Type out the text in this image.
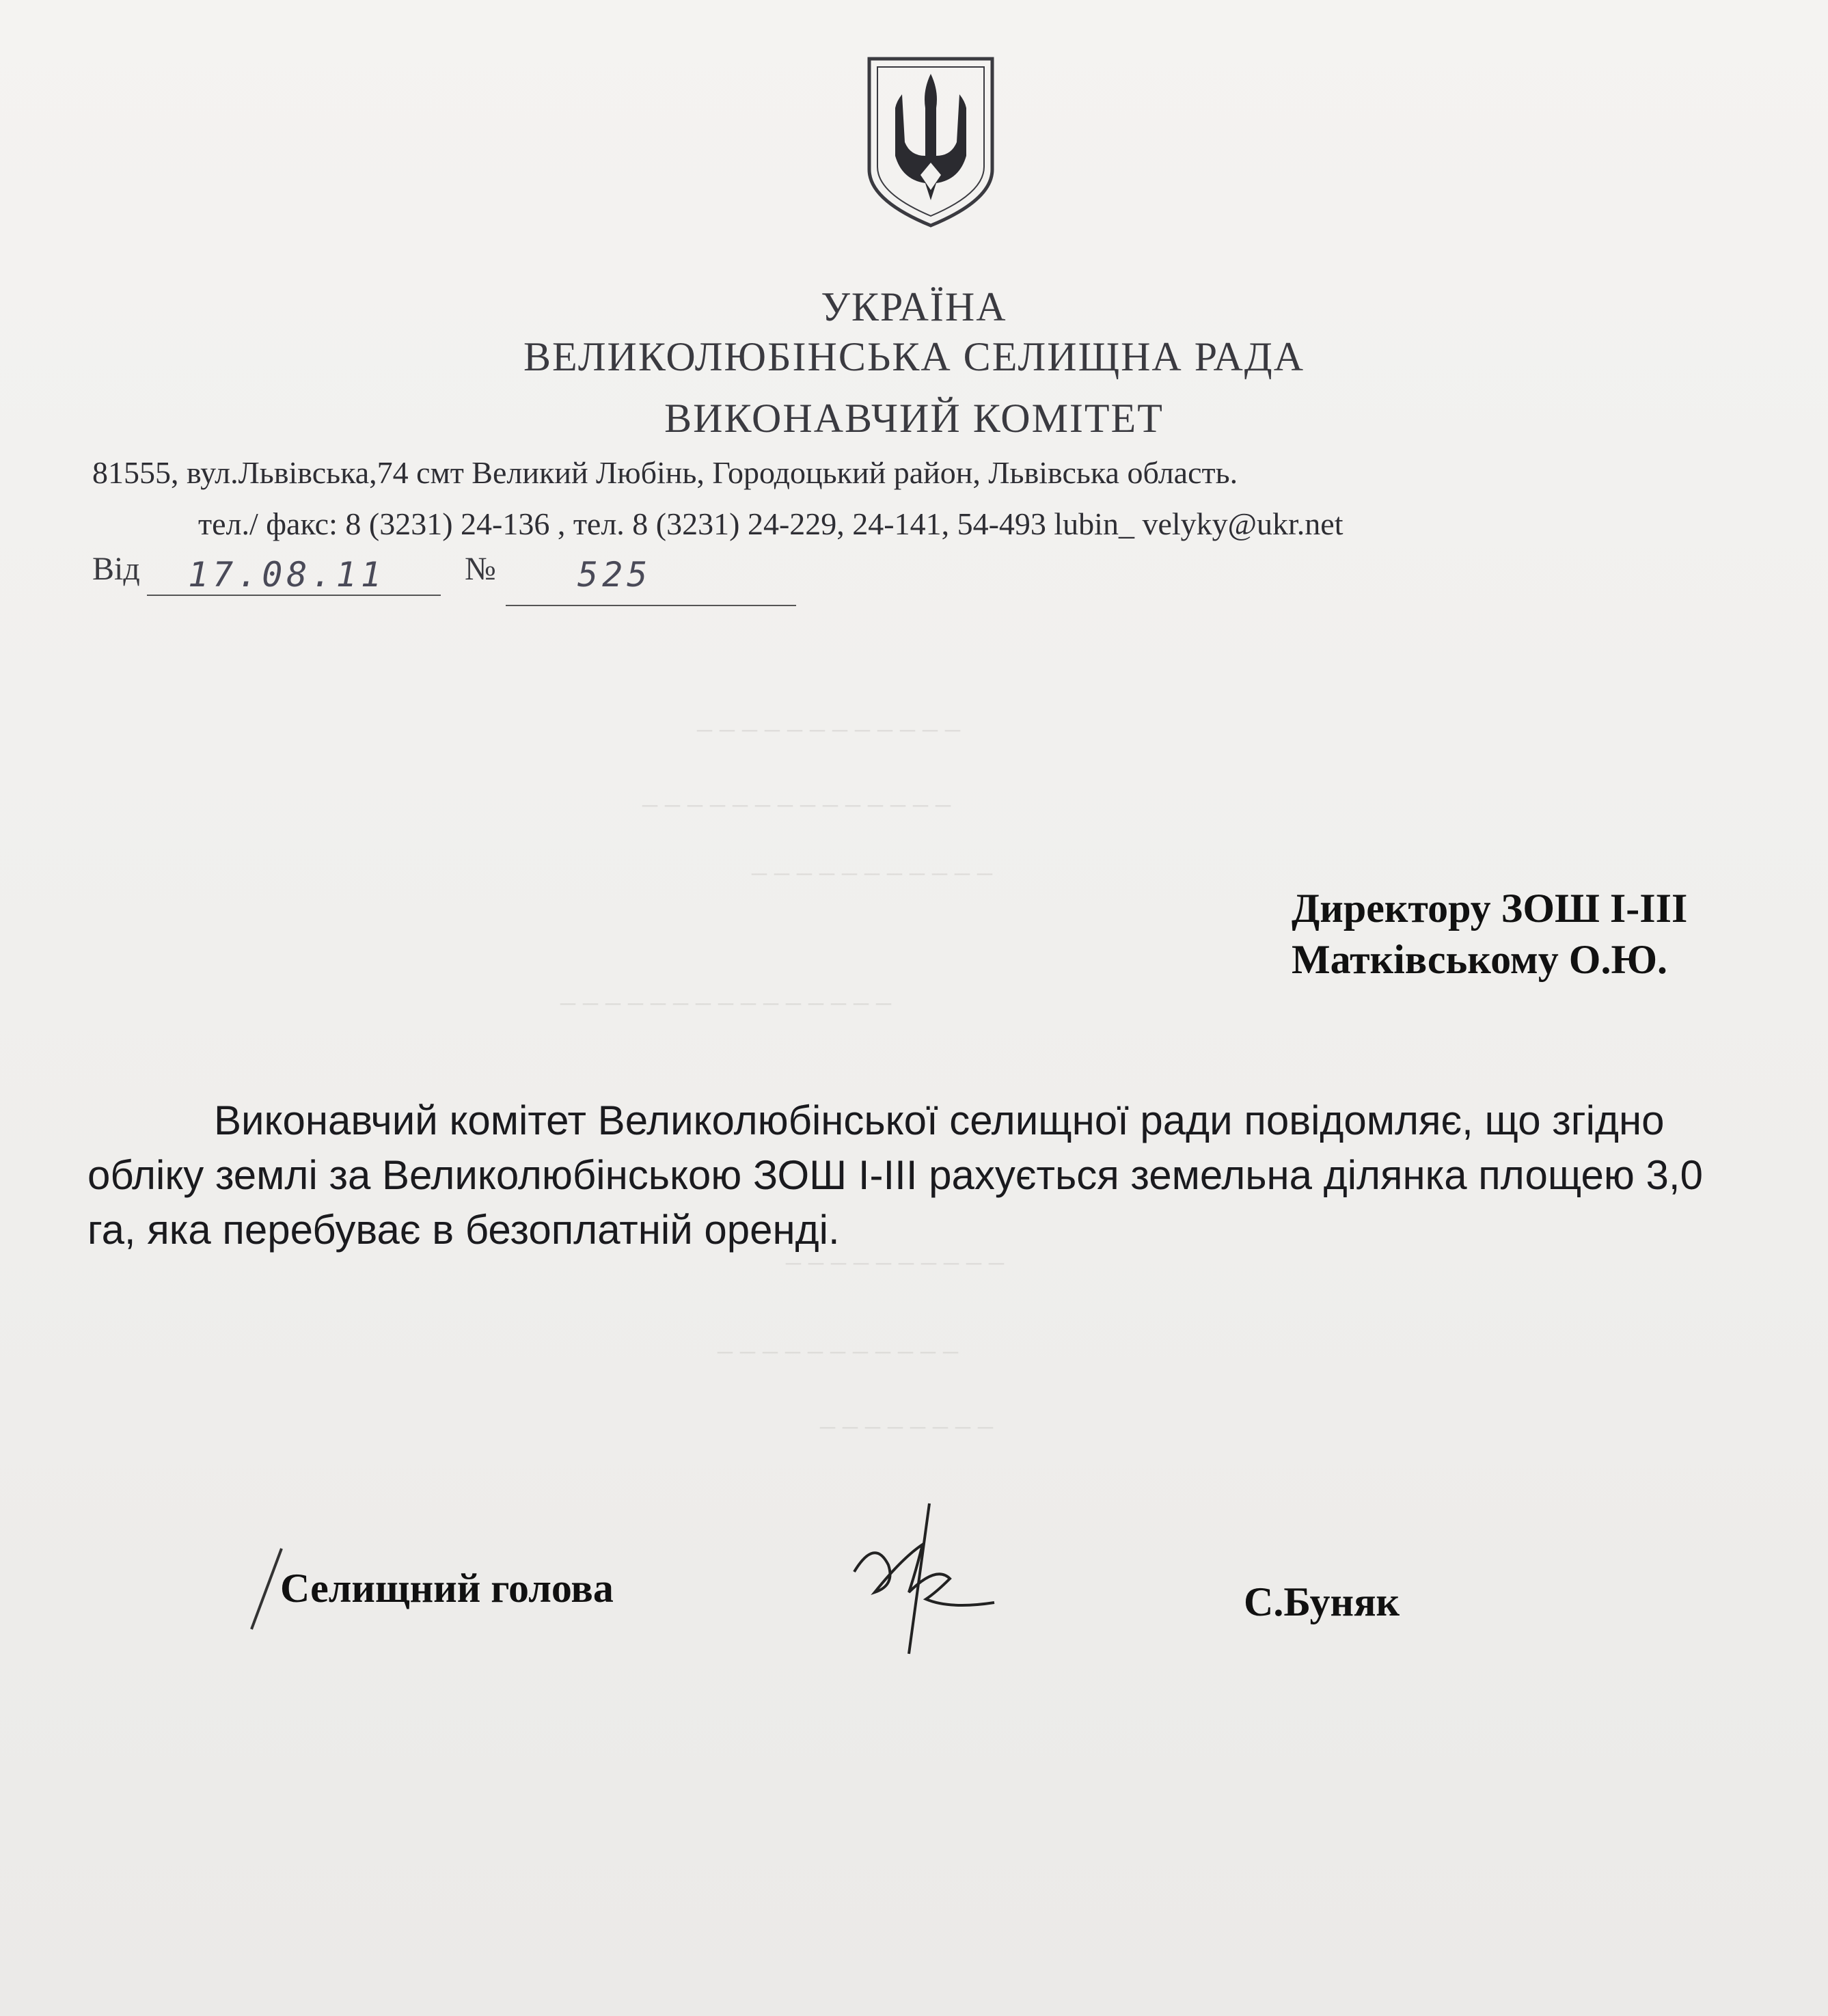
‒ ‒ ‒ ‒ ‒ ‒ ‒ ‒ ‒ ‒ ‒ ‒
‒ ‒ ‒ ‒ ‒ ‒ ‒ ‒ ‒ ‒ ‒ ‒ ‒ ‒
‒ ‒ ‒ ‒ ‒ ‒ ‒ ‒ ‒ ‒ ‒
‒ ‒ ‒ ‒ ‒ ‒ ‒ ‒ ‒ ‒ ‒ ‒ ‒ ‒ ‒
‒ ‒ ‒ ‒ ‒ ‒ ‒ ‒ ‒ ‒
‒ ‒ ‒ ‒ ‒ ‒ ‒ ‒ ‒ ‒ ‒
‒ ‒ ‒ ‒ ‒ ‒ ‒ ‒
УКРАЇНА
ВЕЛИКОЛЮБІНСЬКА СЕЛИЩНА РАДА
ВИКОНАВЧИЙ КОМІТЕТ
81555, вул.Львівська,74 смт Великий Любінь, Городоцький район, Львівська область.
тел./ факс: 8 (3231) 24-136 , тел. 8 (3231) 24-229, 24-141, 54-493 lubin_ velyky@ukr.net
Від 17.08.11 № 525
Директору ЗОШ І-ІІІ
Матківському О.Ю.
Виконавчий комітет Великолюбінської селищної ради повідомляє, що згідно обліку землі за Великолюбінською ЗОШ І-ІІІ рахується земельна ділянка площею 3,0 га, яка перебуває в безоплатній оренді.
Селищний голова	С.Буняк
